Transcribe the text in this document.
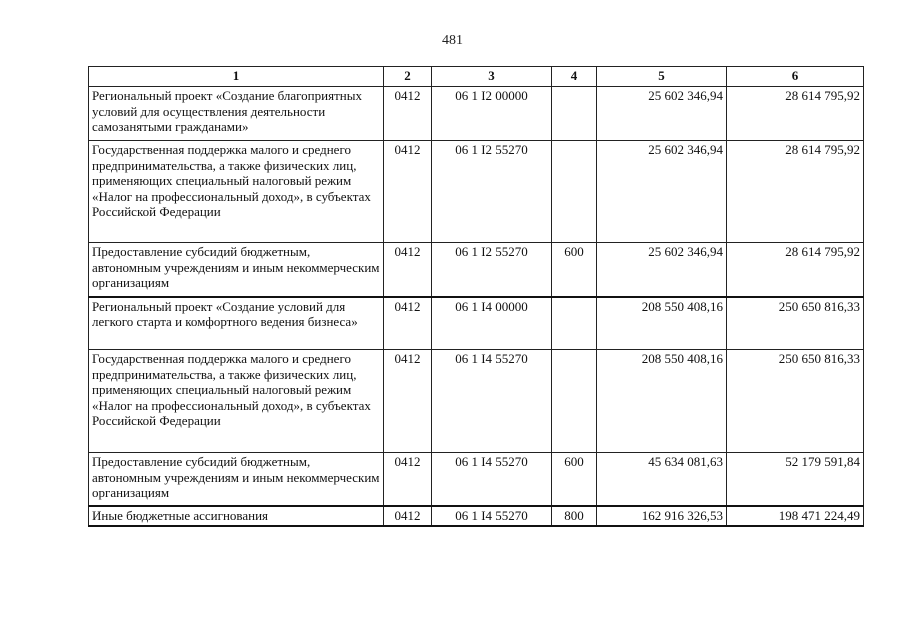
481
1	2	3	4	5	6
Региональный проект «Создание благоприятных условий для осуществления деятельности самозанятыми гражданами»	0412	06 1 I2 00000		25 602 346,94	28 614 795,92
Государственная поддержка малого и среднего предпринимательства, а также физических лиц, применяющих специальный налоговый режим «Налог на профессиональный доход», в субъектах Российской Федерации	0412	06 1 I2 55270		25 602 346,94	28 614 795,92
Предоставление субсидий бюджетным, автономным учреждениям и иным некоммерческим организациям	0412	06 1 I2 55270	600	25 602 346,94	28 614 795,92
Региональный проект «Создание условий для легкого старта и комфортного ведения бизнеса»	0412	06 1 I4 00000		208 550 408,16	250 650 816,33
Государственная поддержка малого и среднего предпринимательства, а также физических лиц, применяющих специальный налоговый режим «Налог на профессиональный доход», в субъектах Российской Федерации	0412	06 1 I4 55270		208 550 408,16	250 650 816,33
Предоставление субсидий бюджетным, автономным учреждениям и иным некоммерческим организациям	0412	06 1 I4 55270	600	45 634 081,63	52 179 591,84
Иные бюджетные ассигнования	0412	06 1 I4 55270	800	162 916 326,53	198 471 224,49
